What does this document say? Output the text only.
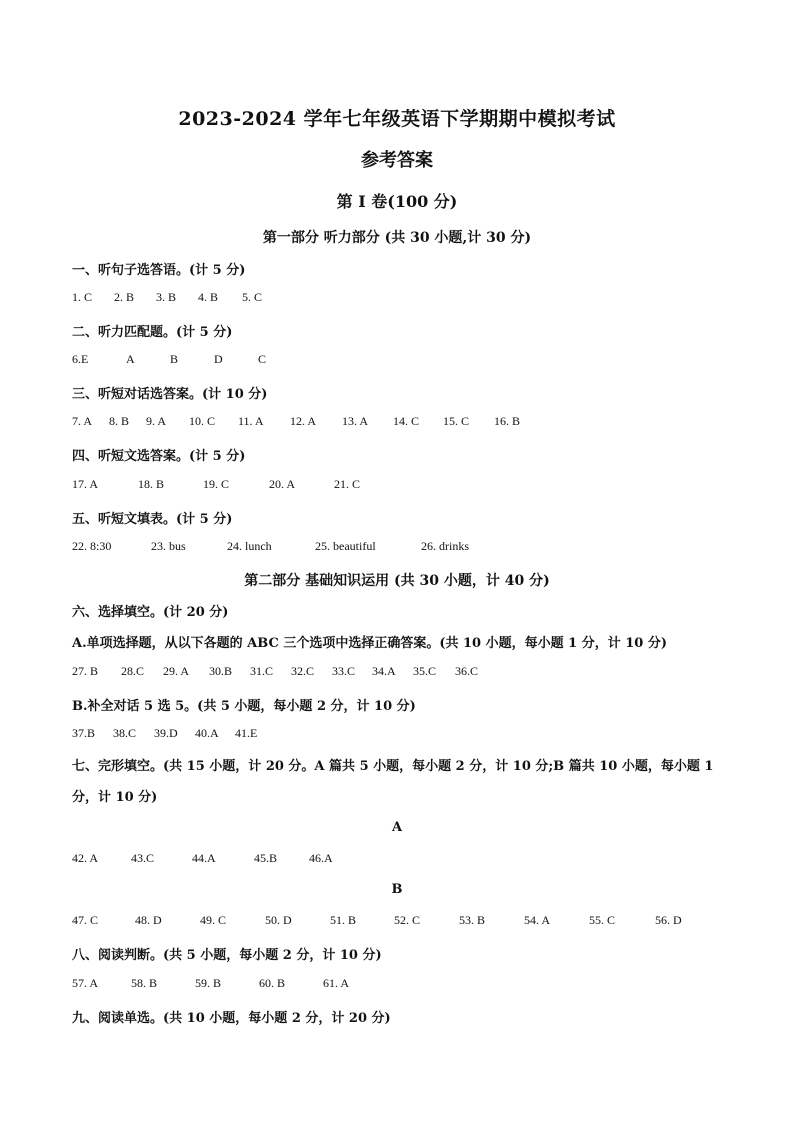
2023-2024 学年七年级英语下学期期中模拟考试
参考答案
第 I 卷(100 分)
第一部分 听力部分 (共 30 小题,计 30 分)
一、听句子选答语。(计 5 分)
1. C 2. B 3. B 4. B 5. C
二、听力匹配题。(计 5 分)
6.E	A	B	D	C
三、听短对话选答案。(计 10 分)
7. A 8. B 9. A 10. C 11. A 12. A 13. A 14. C 15. C 16. B
四、听短文选答案。(计 5 分)
17. A	18. B	19. C	20. A	21. C
五、听短文填表。(计 5 分)
22. 8:30	23. bus	24. lunch	25. beautiful	26. drinks
第二部分 基础知识运用 (共 30 小题，计 40 分)
六、选择填空。(计 20 分)
A.单项选择题，从以下各题的 ABC 三个选项中选择正确答案。(共 10 小题，每小题 1 分，计 10 分)
27. B 28.C 29. A 30.B 31.C 32.C 33.C 34.A 35.C 36.C
B.补全对话 5 选 5。(共 5 小题，每小题 2 分，计 10 分)
37.B 38.C 39.D 40.A 41.E
七、完形填空。(共 15 小题，计 20 分。A 篇共 5 小题，每小题 2 分，计 10 分;B 篇共 10 小题，每小题 1 分，计 10 分)
A
42. A	43.C	44.A	45.B	46.A
B
47. C	48. D	49. C	50. D	51. B	52. C	53. B	54. A	55. C	56. D
八、阅读判断。(共 5 小题，每小题 2 分，计 10 分)
57. A	58. B	59. B	60. B	61. A
九、阅读单选。(共 10 小题，每小题 2 分，计 20 分)
